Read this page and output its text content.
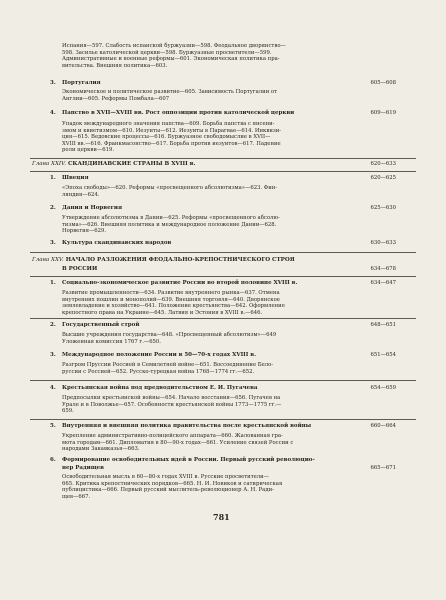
Испания—597. Слабость испанской буржуазии—598. Феодальное дворянство—
598. Засилье католической церкви—598. Буржуазные просветители—599.
Административные и военные реформы—601. Экономическая политика пра-
вительства. Внешняя политика—603.
3. Португалия	605—608
Экономическое и политическое развитие—605. Зависимость Португалии от
Англии—605. Реформы Помбала—607
4. Папство в XVII—XVIII вв. Рост оппозиции против католической церкви	609—619
Упадок международного значения папства—609. Борьба папства с янсени-
змом и квиетизмом—610. Иезуиты—612. Иезуиты в Парагвае—614. Инквизи-
ция—615. Ведовские процессы—616. Буржуазное свободомыслие в XVII—
XVIII вв.—616. Франкмасонство—617. Борьба против иезуитов—617. Падение
роли церкви—619.
Глава XXIV. СКАНДИНАВСКИЕ СТРАНЫ В XVIII в.	620—633
1. Швеция	620—625
«Эпоха свободы»—620. Реформы «просвещенного абсолютизма»—623. Фин-
ляндия—624.
2. Дания и Норвегия	625—630
Утверждение абсолютизма в Дании—625. Реформы «просвещенного абсолю-
тизма»—626. Внешняя политика и международное положение Дании—628.
Норвегия—629.
3. Культура скандинавских народов	630—633
Глава XXV. НАЧАЛО РАЗЛОЖЕНИЯ ФЕОДАЛЬНО-КРЕПОСТНИЧЕСКОГО СТРОЯ
В РОССИИ	634—678
1. Социально-экономическое развитие России во второй половине XVIII в.	634—647
Развитие промышленности—634. Развитие внутреннего рынка—637. Отмена
внутренних пошлин и монополий—639. Внешняя торговля—640. Дворянское
землевладение и хозяйство—641. Положение крестьянства—642. Оформление
крепостного права на Украине—645. Латвия и Эстония в XVIII в.—646.
2. Государственный строй	648—651
Высшие учреждения государства—648. «Просвещенный абсолютизм»—649
Уложенная комиссия 1767 г.—650.
3. Международное положение России в 50—70-х годах XVIII в.	651—654
Разгром Пруссии Россией в Семилетней войне—651. Воссоединение Бело-
руссии с Россией—652. Русско-турецкая война 1768—1774 гг.—652.
4. Крестьянская война под предводительством Е. И. Пугачева	654—659
Предпосылки крестьянской войны—654. Начало восстания—656. Пугачев на
Урале и в Поволжье—657. Особенности крестьянской войны 1773—1775 гг.—
659.
5. Внутренняя и внешняя политика правительства после крестьянской войны	660—664
Укрепление административно-полицейского аппарата—660. Жалованная гра-
мота городам—661. Дипломатия в 80—90-х годах—661. Усиление связей России с
народами Закавказья—663.
6. Формирование освободительных идей в России. Первый русский революцио-
нер Радищев	665—671
Освободительная мысль в 60—80-х годах XVIII в. Русские просветители—
665. Критика крепостнических порядков—665. Н. И. Новиков и сатирическая
публицистика—666. Первый русский мыслитель-революционер А. Н. Ради-
щев—667.
781
